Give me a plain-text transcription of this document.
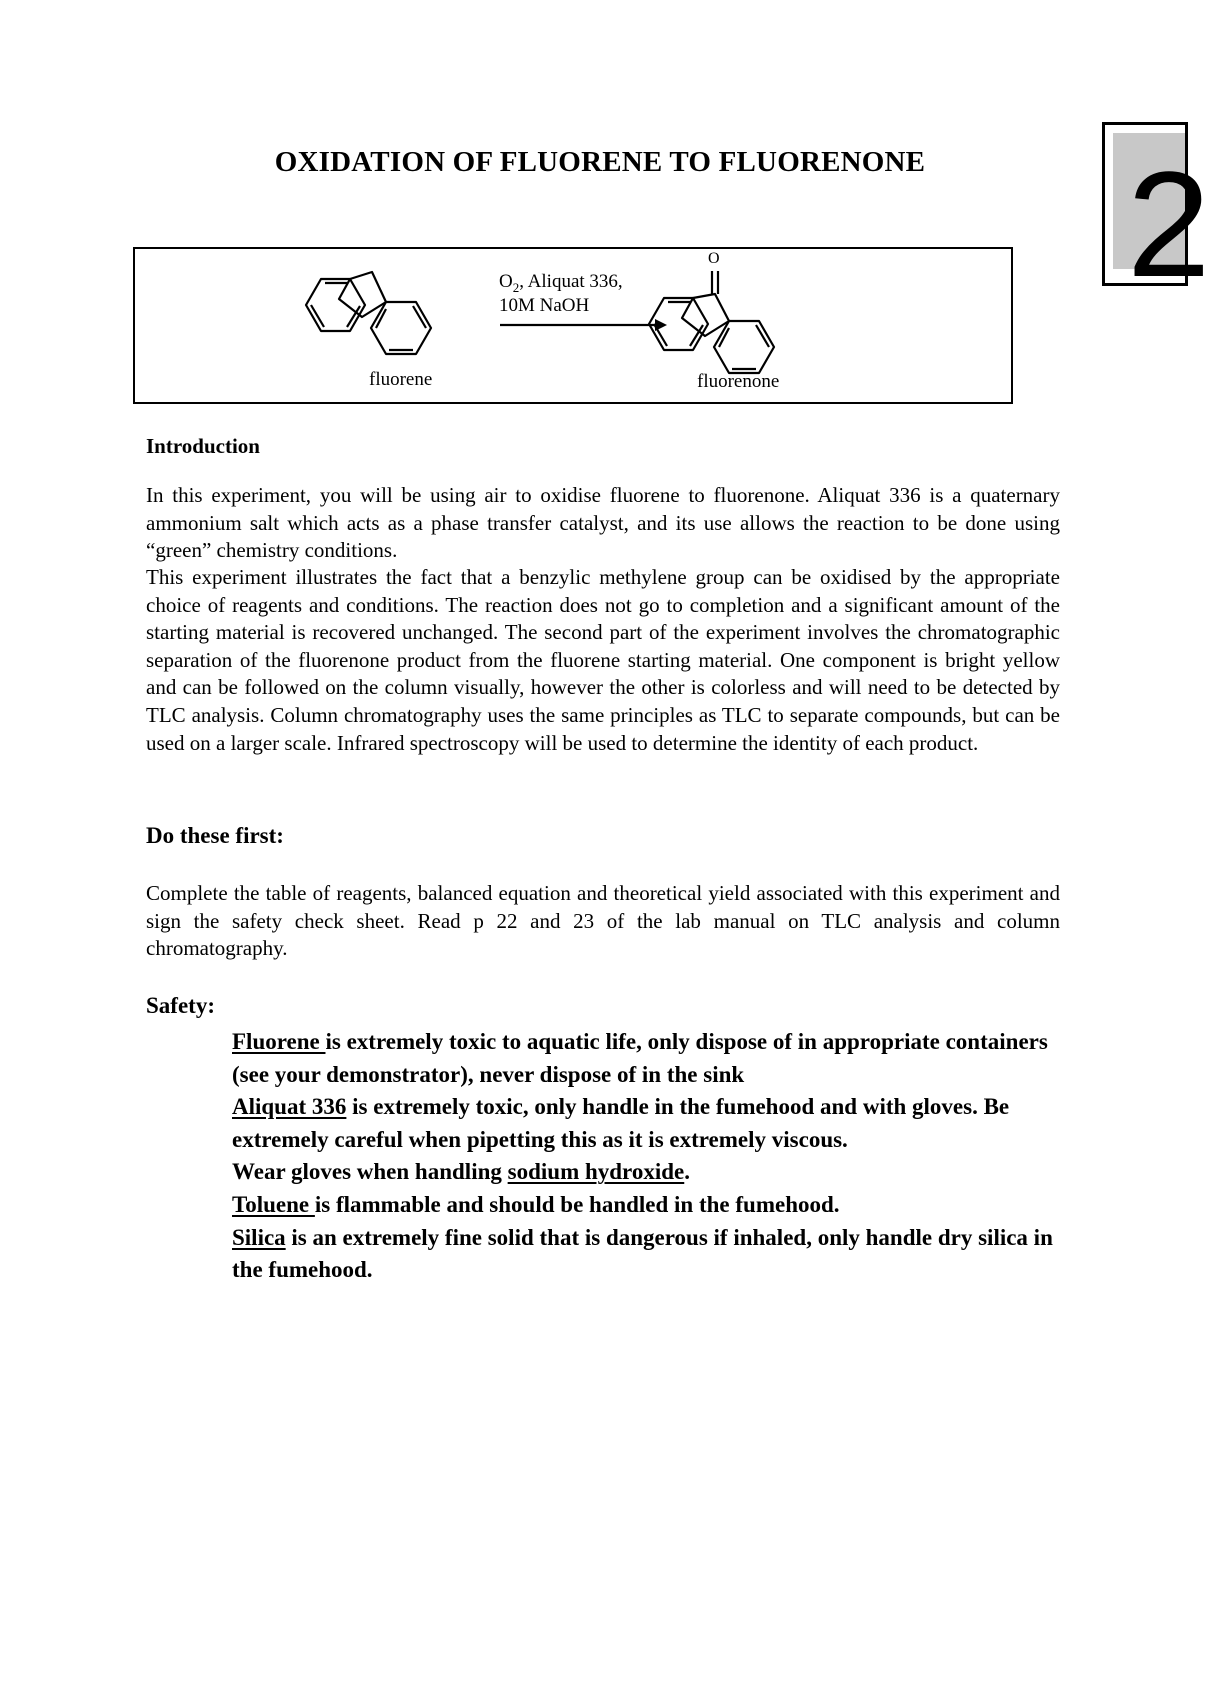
2
OXIDATION OF FLUORENE TO FLUORENONE
O
$O_2$, Aliquat 336,
10M NaOH
fluorene	fluorenone
Introduction

In this experiment, you will be using air to oxidise fluorene to fluorenone. Aliquat 336 is a quaternary ammonium salt which acts as a phase transfer catalyst, and its use allows the reaction to be done using “green” chemistry conditions.

This experiment illustrates the fact that a benzylic methylene group can be oxidised by the appropriate choice of reagents and conditions. The reaction does not go to completion and a significant amount of the starting material is recovered unchanged. The second part of the experiment involves the chromatographic separation of the fluorenone product from the fluorene starting material. One component is bright yellow and can be followed on the column visually, however the other is colorless and will need to be detected by TLC analysis. Column chromatography uses the same principles as TLC to separate compounds, but can be used on a larger scale. Infrared spectroscopy will be used to determine the identity of each product.

Do these first:

Complete the table of reagents, balanced equation and theoretical yield associated with this experiment and sign the safety check sheet. Read p 22 and 23 of the lab manual on TLC analysis and column chromatography.

Safety:
Fluorene is extremely toxic to aquatic life, only dispose of in appropriate containers (see your demonstrator), never dispose of in the sink
Aliquat 336 is extremely toxic, only handle in the fumehood and with gloves. Be extremely careful when pipetting this as it is extremely viscous.
Wear gloves when handling sodium hydroxide.
Toluene is flammable and should be handled in the fumehood.
Silica is an extremely fine solid that is dangerous if inhaled, only handle dry silica in the fumehood.
